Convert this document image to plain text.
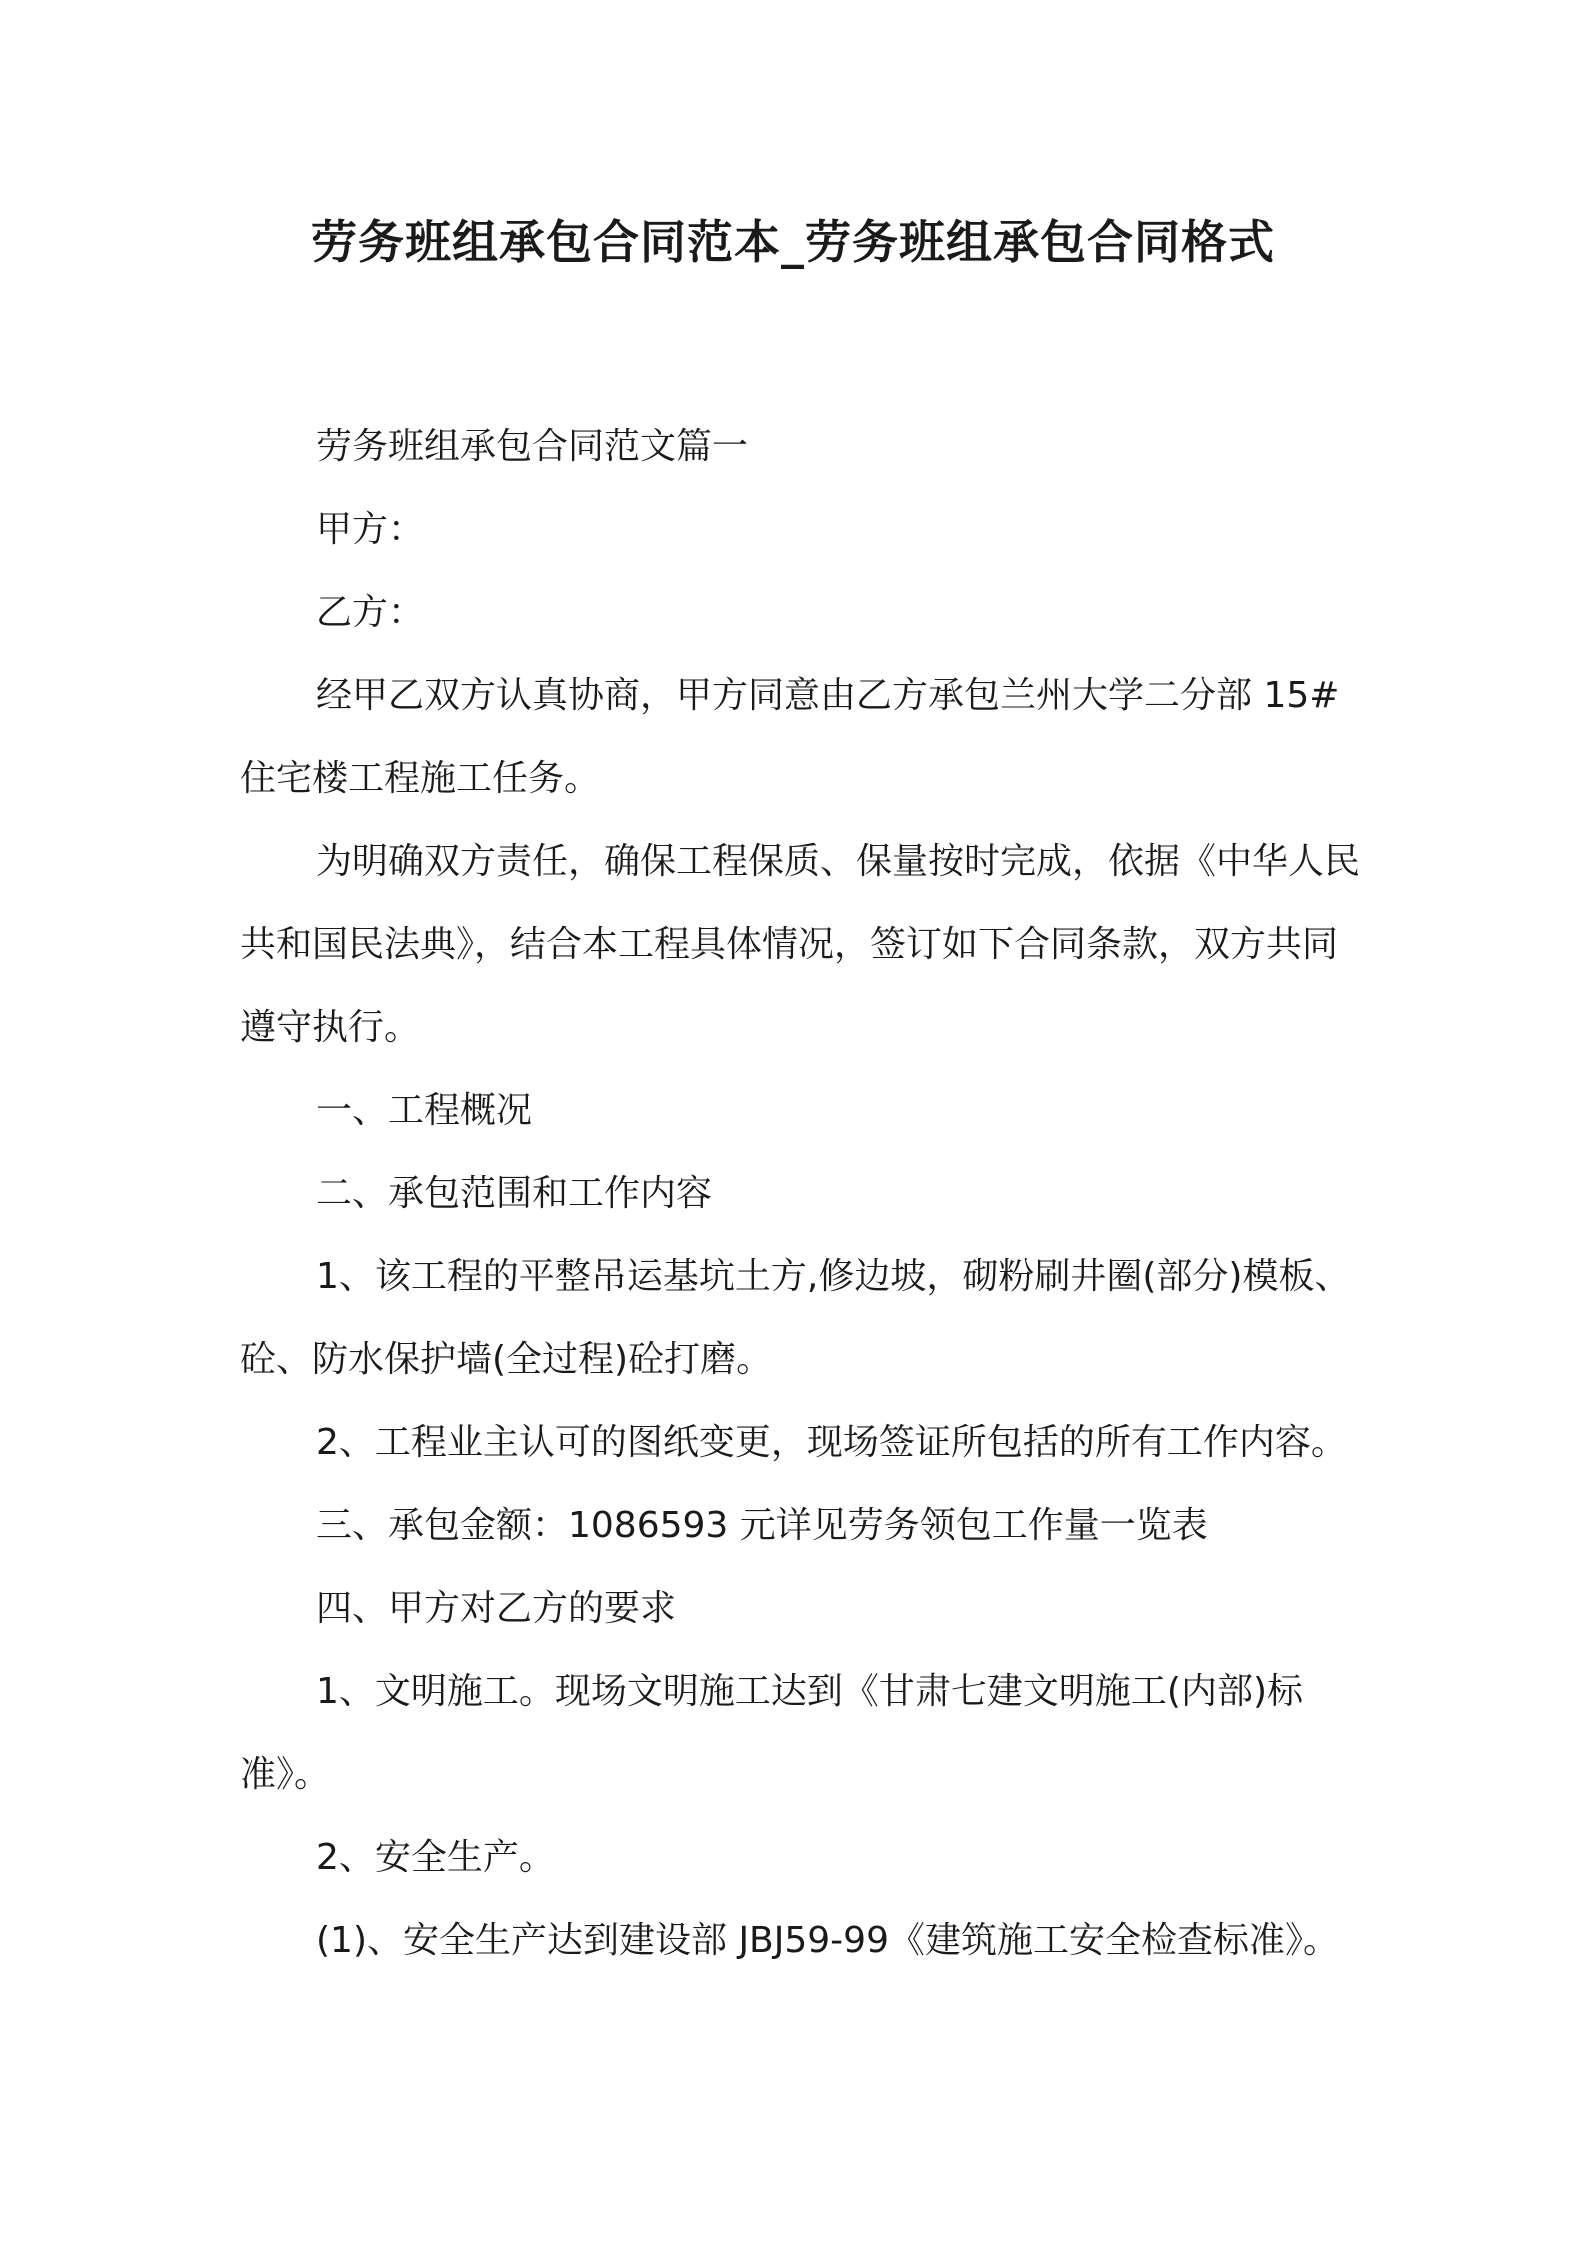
劳务班组承包合同范本_劳务班组承包合同格式

劳务班组承包合同范文篇一

甲方：

乙方：

经甲乙双方认真协商，甲方同意由乙方承包兰州大学二分部 15# 住宅楼工程施工任务。

为明确双方责任，确保工程保质、保量按时完成，依据《中华人民共和国民法典》，结合本工程具体情况，签订如下合同条款，双方共同遵守执行。

一、工程概况

二、承包范围和工作内容

1、该工程的平整吊运基坑土方,修边坡，砌粉刷井圈(部分)模板、砼、防水保护墙(全过程)砼打磨。

2、工程业主认可的图纸变更，现场签证所包括的所有工作内容。

三、承包金额：1086593 元详见劳务领包工作量一览表

四、甲方对乙方的要求

1、文明施工。现场文明施工达到《甘肃七建文明施工(内部)标准》。

2、安全生产。

(1)、安全生产达到建设部 JBJ59-99《建筑施工安全检查标准》。
